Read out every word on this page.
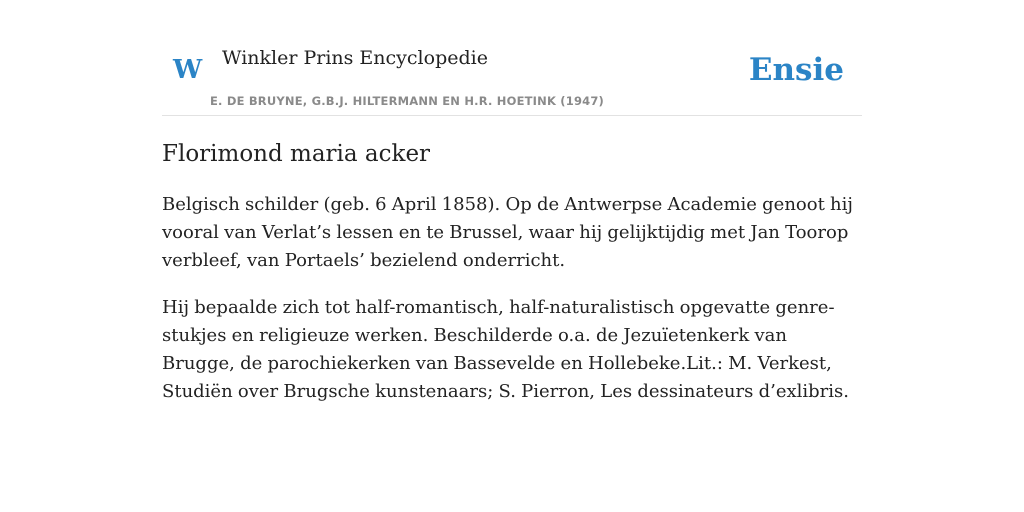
W Winkler Prins Encyclopedie
E. DE BRUYNE, G.B.J. HILTERMANN EN H.R. HOETINK (1947)
Ensie
Florimond maria acker

Belgisch schilder (geb. 6 April 1858). Op de Antwerpse Academie genoot hij vooral van Verlat’s lessen en te Brussel, waar hij gelijktijdig met Jan Toorop verbleef, van Portaels’ bezielend onderricht.

Hij bepaalde zich tot half-romantisch, half-naturalistisch opgevatte genre-stukjes en religieuze werken. Beschilderde o.a. de Jezuïetenkerk van Brugge, de parochiekerken van Bassevelde en Hollebeke.Lit.: M. Verkest, Studiën over Brugsche kunstenaars; S. Pierron, Les dessinateurs d’exlibris.
